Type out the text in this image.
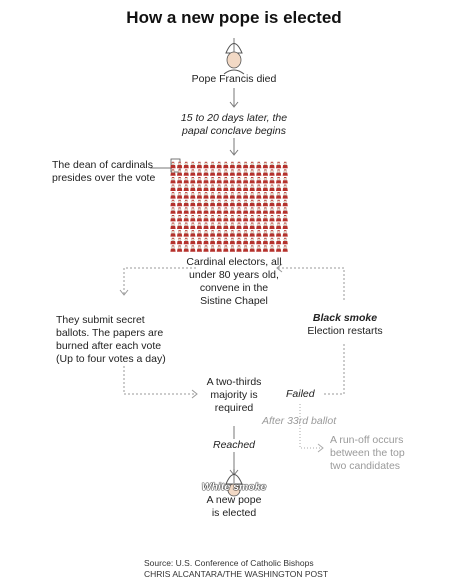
How a new pope is elected
Pope Francis died
15 to 20 days later, the
papal conclave begins
The dean of cardinals
presides over the vote
Cardinal electors, all
under 80 years old,
convene in the
Sistine Chapel
They submit secret
ballots. The papers are
burned after each vote
(Up to four votes a day)
Black smoke
Election restarts
A two-thirds
majority is
required
Failed
After 33rd ballot
A run-off occurs
between the top
two candidates
Reached
White smoke
A new pope
is elected
Source: U.S. Conference of Catholic Bishops
CHRIS ALCANTARA/THE WASHINGTON POST
